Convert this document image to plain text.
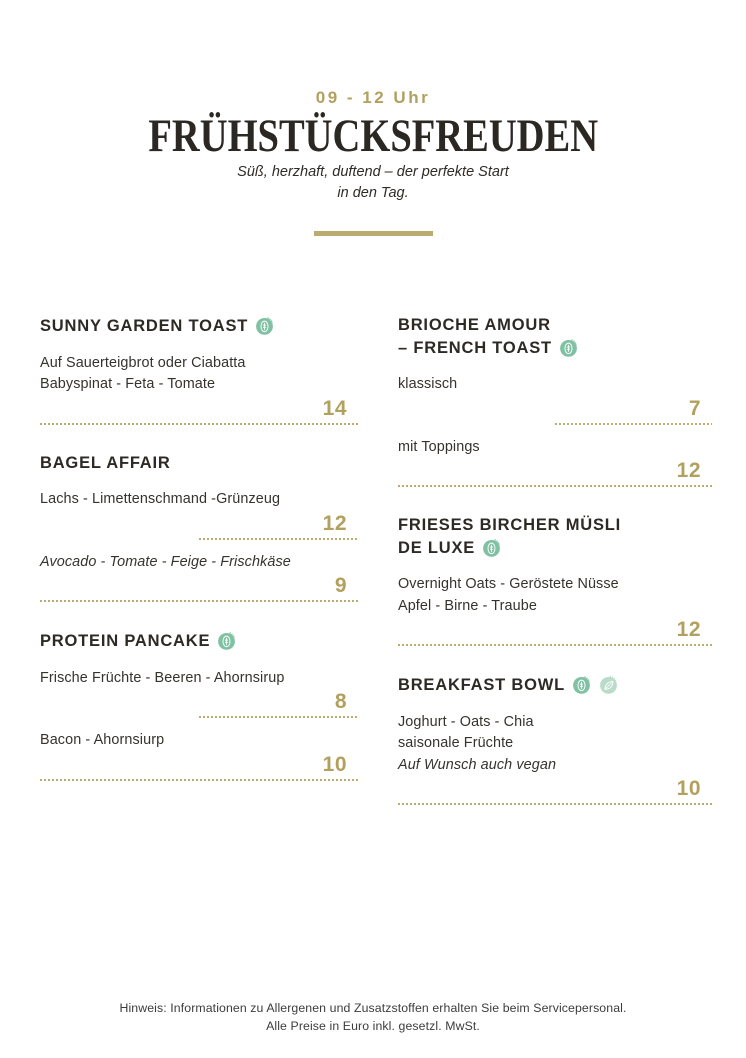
09 - 12 Uhr
FRÜHSTÜCKSFREUDEN
Süß, herzhaft, duftend – der perfekte Start
in den Tag.
SUNNY GARDEN TOAST
Auf Sauerteigbrot oder Ciabatta
Babyspinat - Feta - Tomate
14
BAGEL AFFAIR
Lachs - Limettenschmand -Grünzeug
12
Avocado - Tomate - Feige - Frischkäse
9
PROTEIN PANCAKE
Frische Früchte - Beeren - Ahornsirup
8
Bacon - Ahornsiurp
10
BRIOCHE AMOUR
– FRENCH TOAST
klassisch
7
mit Toppings
12
FRIESES BIRCHER MÜSLI
DE LUXE
Overnight Oats - Geröstete Nüsse
Apfel - Birne - Traube
12
BREAKFAST BOWL
Joghurt - Oats - Chia
saisonale Früchte
Auf Wunsch auch vegan
10
Hinweis: Informationen zu Allergenen und Zusatzstoffen erhalten Sie beim Servicepersonal.
Alle Preise in Euro inkl. gesetzl. MwSt.
